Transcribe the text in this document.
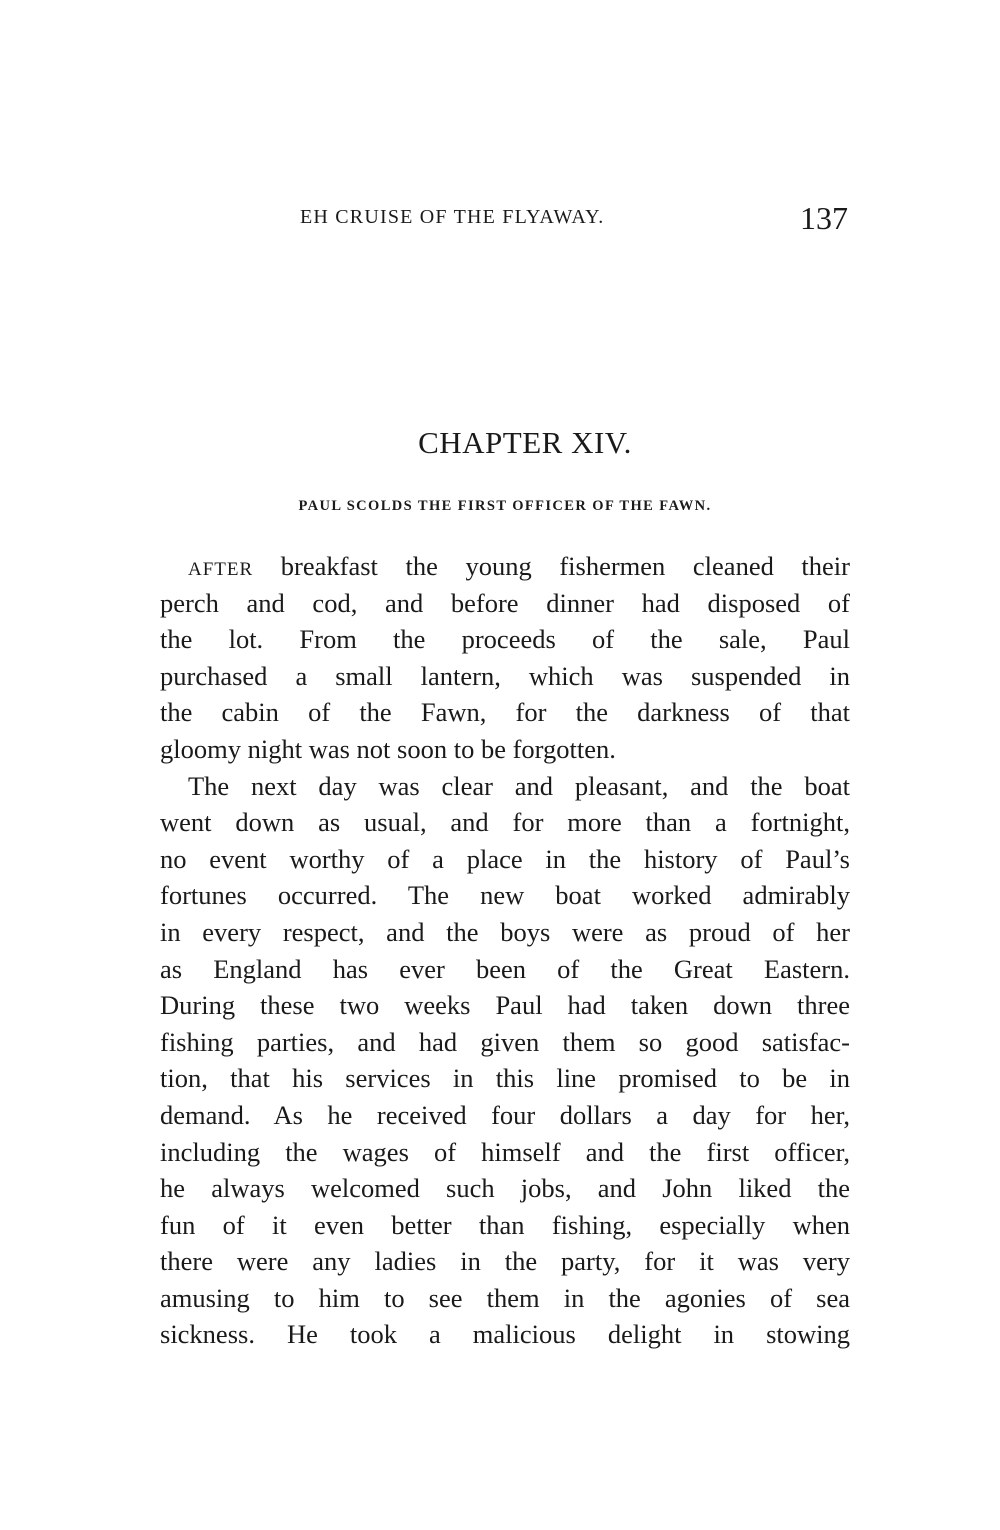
EH CRUISE OF THE FLYAWAY.	137
CHAPTER XIV.
PAUL SCOLDS THE FIRST OFFICER OF THE FAWN.
AFTER breakfast the young fishermen cleaned their
perch and cod, and before dinner had disposed of
the lot. From the proceeds of the sale, Paul
purchased a small lantern, which was suspended in
the cabin of the Fawn, for the darkness of that
gloomy night was not soon to be forgotten.
The next day was clear and pleasant, and the boat
went down as usual, and for more than a fortnight,
no event worthy of a place in the history of Paul’s
fortunes occurred. The new boat worked admirably
in every respect, and the boys were as proud of her
as England has ever been of the Great Eastern.
During these two weeks Paul had taken down three
fishing parties, and had given them so good satisfac-
tion, that his services in this line promised to be in
demand. As he received four dollars a day for her,
including the wages of himself and the first officer,
he always welcomed such jobs, and John liked the
fun of it even better than fishing, especially when
there were any ladies in the party, for it was very
amusing to him to see them in the agonies of sea
sickness. He took a malicious delight in stowing
